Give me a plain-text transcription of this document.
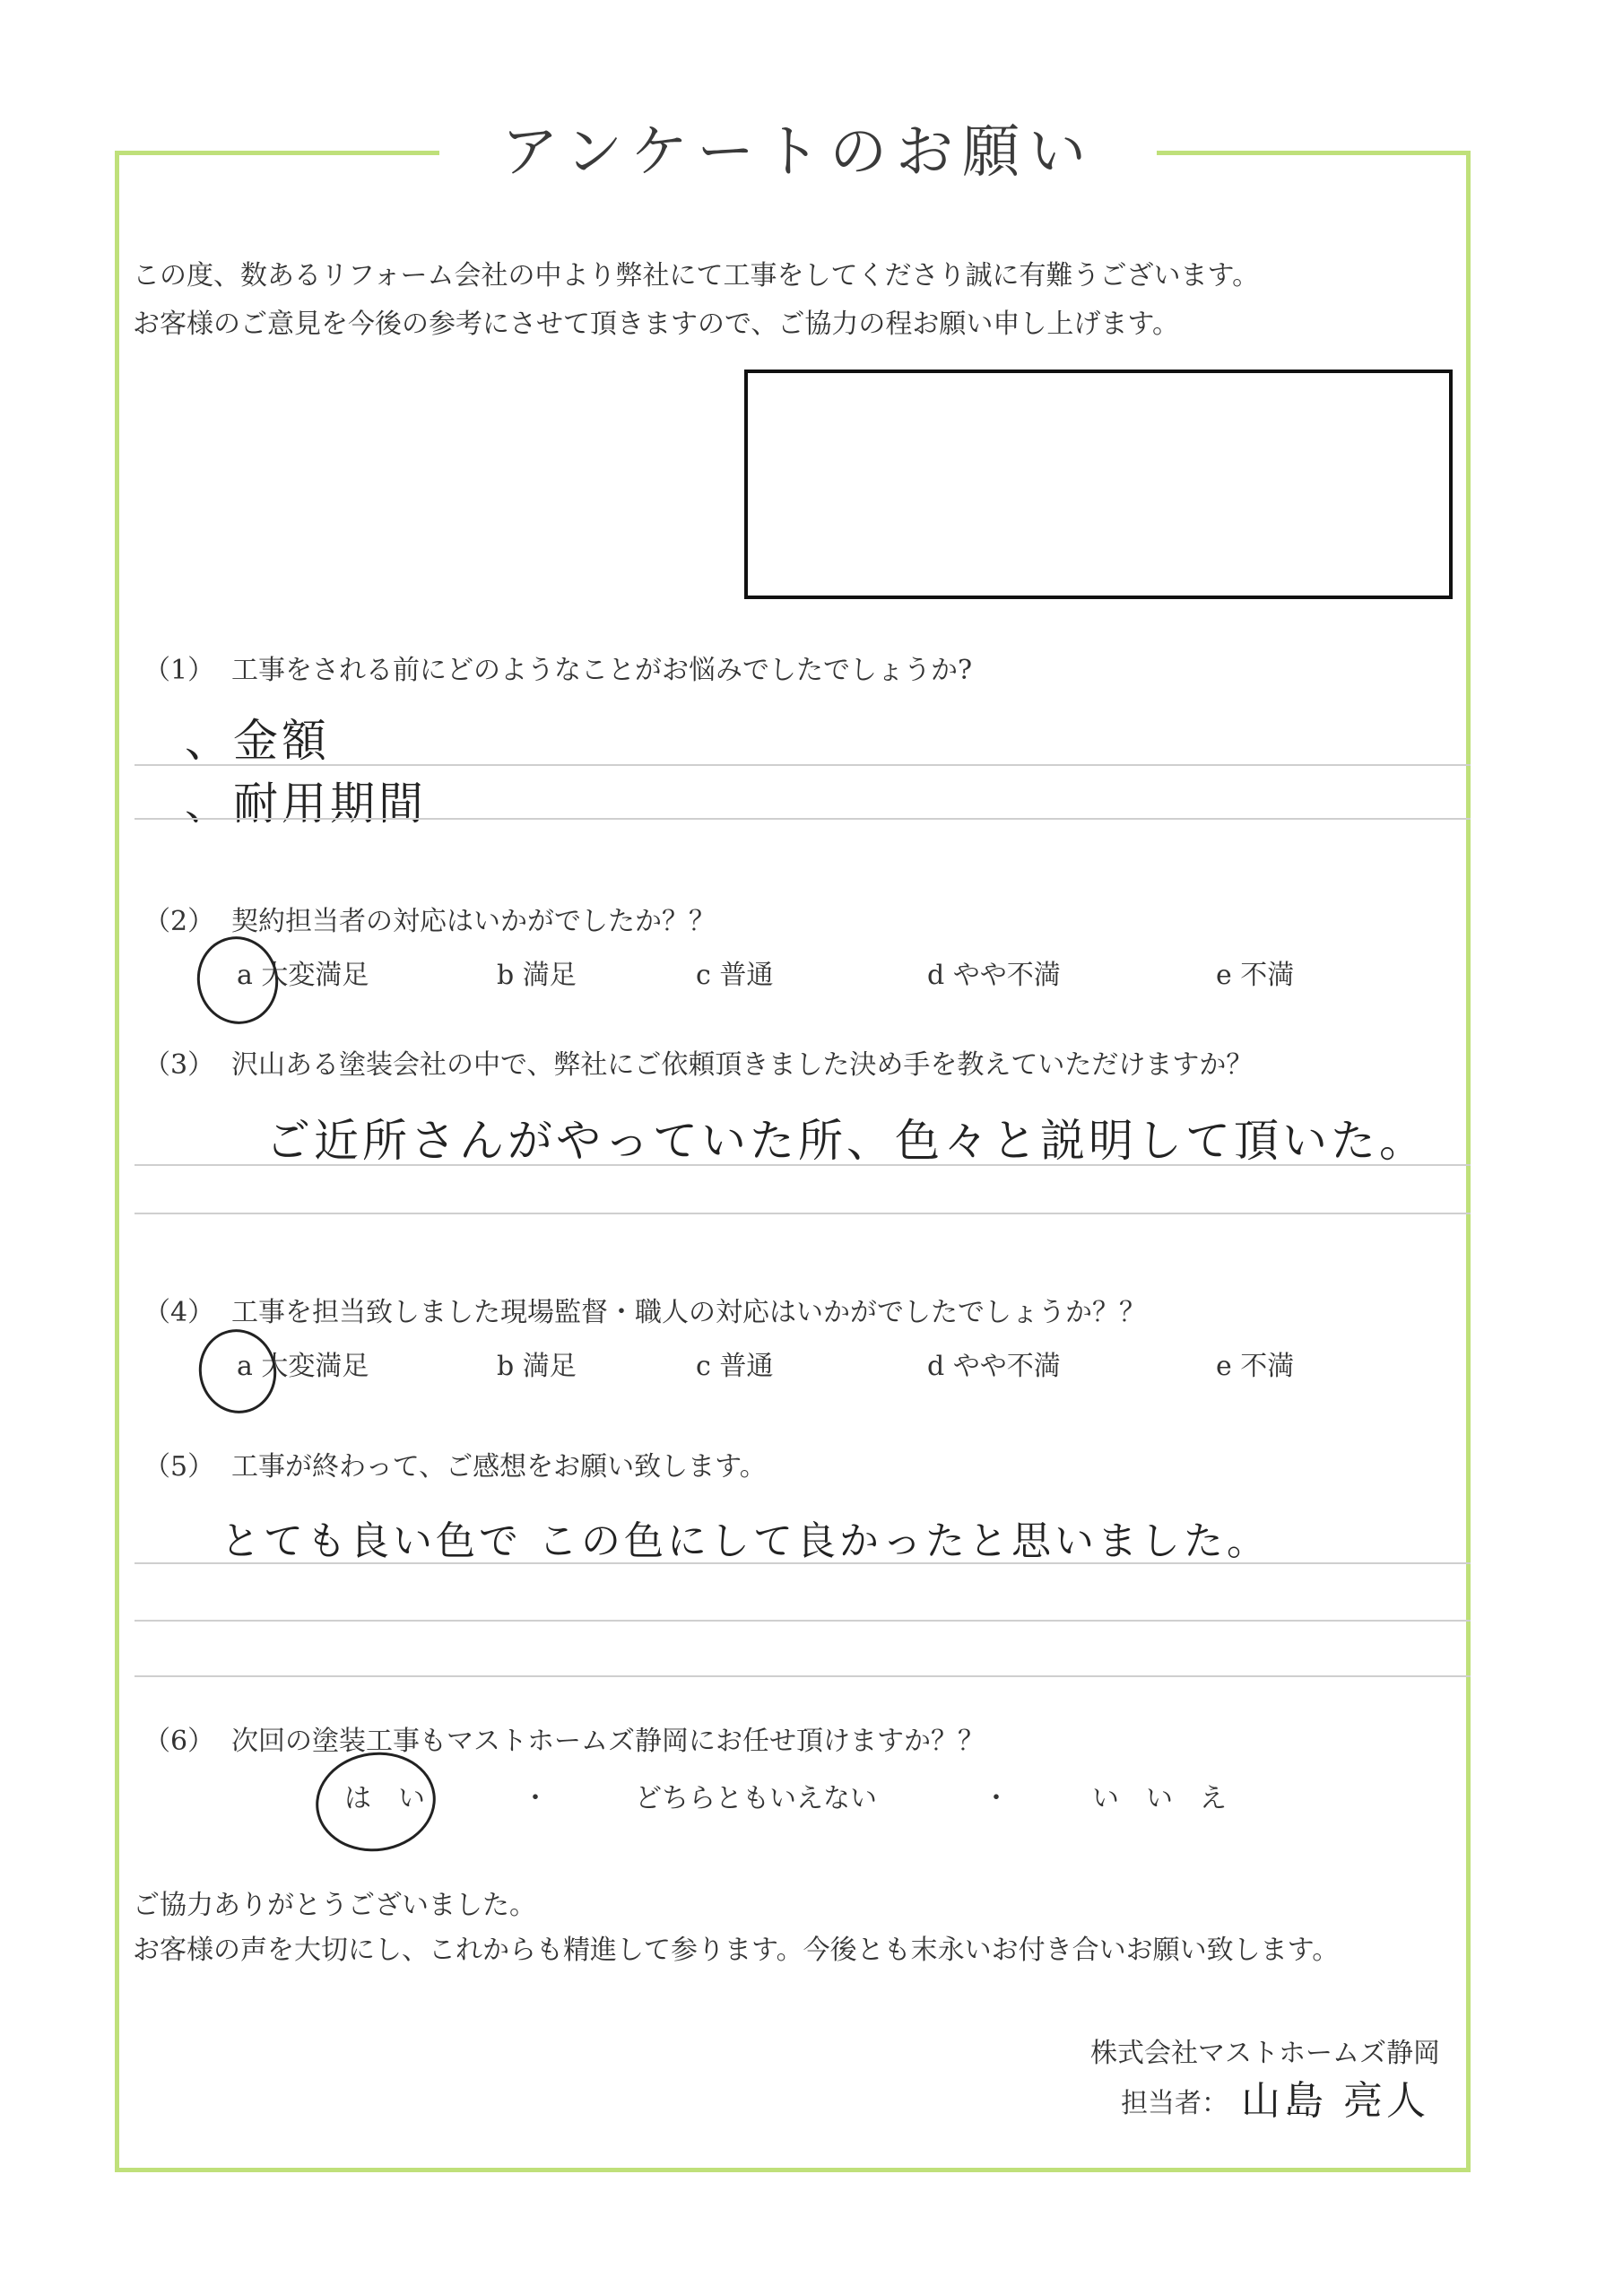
アンケートのお願い
この度、数あるリフォーム会社の中より弊社にて工事をしてくださり誠に有難うございます。
お客様のご意見を今後の参考にさせて頂きますので、ご協力の程お願い申し上げます。
（1） 工事をされる前にどのようなことがお悩みでしたでしょうか?
、金額
、耐用期間
（2） 契約担当者の対応はいかがでしたか？？
a 大変満足	b 満足	c 普通	d やや不満	e 不満
（3） 沢山ある塗装会社の中で、弊社にご依頼頂きました決め手を教えていただけますか？
ご近所さんがやっていた所、色々と説明して頂いた。
（4） 工事を担当致しました現場監督・職人の対応はいかがでしたでしょうか？？
a 大変満足	b 満足	c 普通	d やや不満	e 不満
（5） 工事が終わって、ご感想をお願い致します。
とても良い色で この色にして良かったと思いました。
（6） 次回の塗装工事もマストホームズ静岡にお任せ頂けますか？？
は　い	・	どちらともいえない	・	い　い　え
ご協力ありがとうございました。
お客様の声を大切にし、これからも精進して参ります。今後とも末永いお付き合いお願い致します。
株式会社マストホームズ静岡
担当者： 山島 亮人
